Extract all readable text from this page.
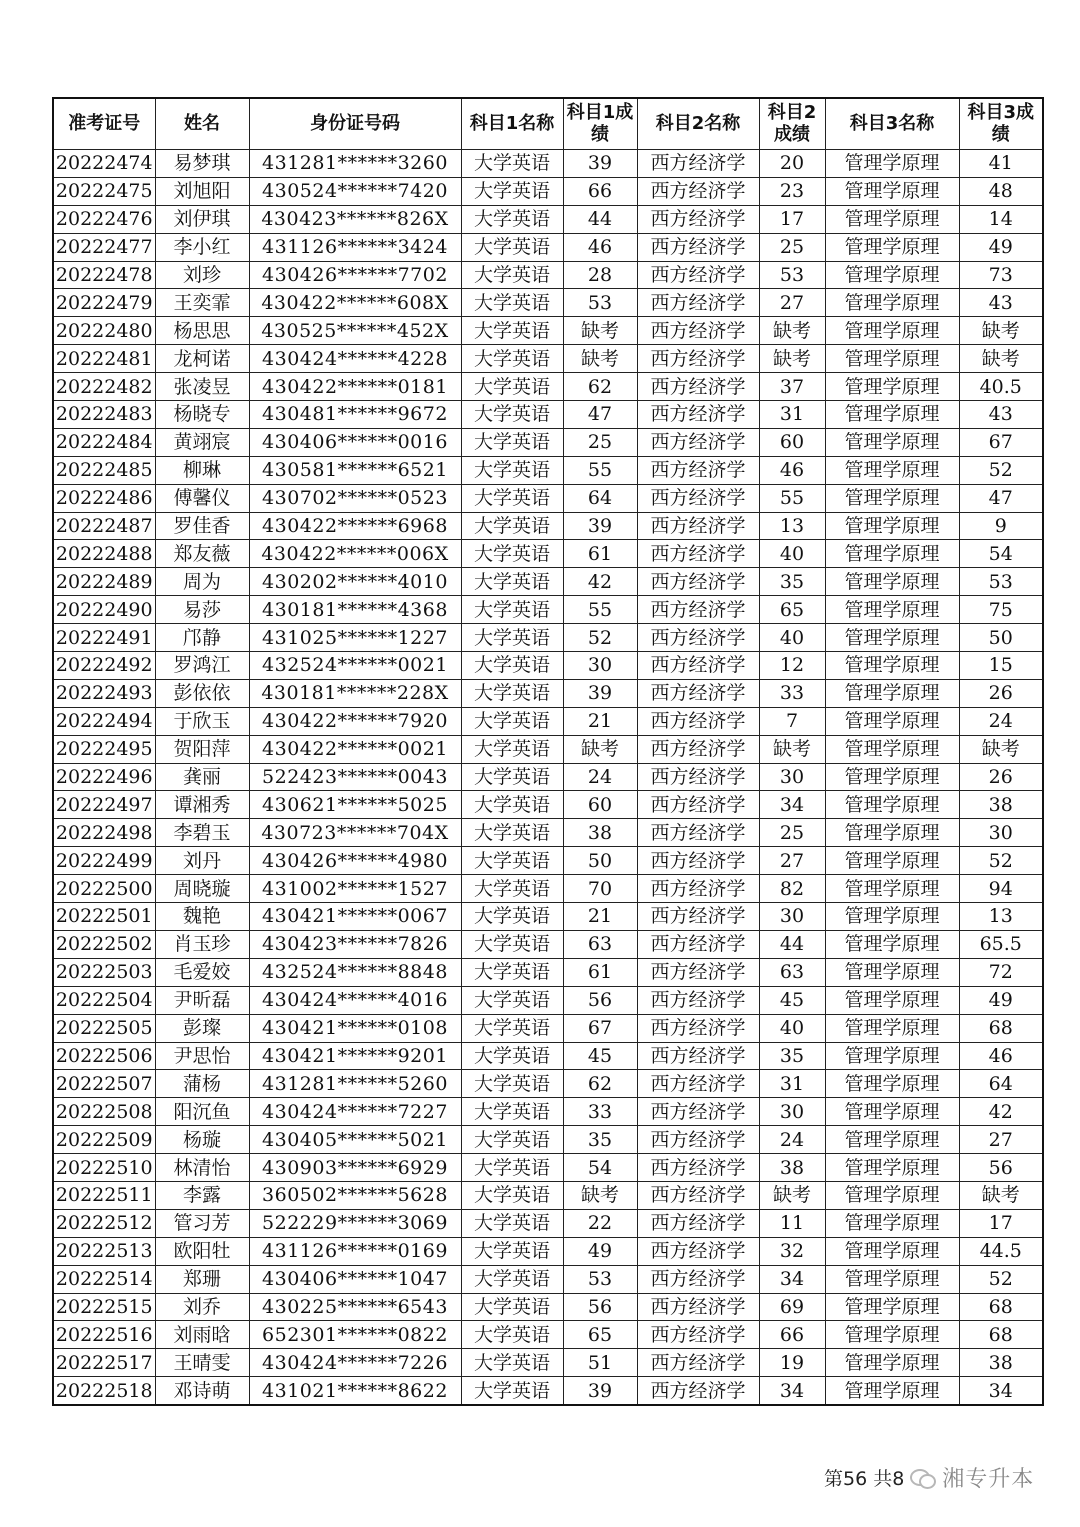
准考证号	姓名	身份证号码	科目1名称	科目1成绩	科目2名称	科目2成绩	科目3名称	科目3成绩
20222474	易梦琪	431281******3260	大学英语	39	西方经济学	20	管理学原理	41
20222475	刘旭阳	430524******7420	大学英语	66	西方经济学	23	管理学原理	48
20222476	刘伊琪	430423******826X	大学英语	44	西方经济学	17	管理学原理	14
20222477	李小红	431126******3424	大学英语	46	西方经济学	25	管理学原理	49
20222478	刘珍	430426******7702	大学英语	28	西方经济学	53	管理学原理	73
20222479	王奕霏	430422******608X	大学英语	53	西方经济学	27	管理学原理	43
20222480	杨思思	430525******452X	大学英语	缺考	西方经济学	缺考	管理学原理	缺考
20222481	龙柯诺	430424******4228	大学英语	缺考	西方经济学	缺考	管理学原理	缺考
20222482	张凌昱	430422******0181	大学英语	62	西方经济学	37	管理学原理	40.5
20222483	杨晓专	430481******9672	大学英语	47	西方经济学	31	管理学原理	43
20222484	黄翊宸	430406******0016	大学英语	25	西方经济学	60	管理学原理	67
20222485	柳琳	430581******6521	大学英语	55	西方经济学	46	管理学原理	52
20222486	傅馨仪	430702******0523	大学英语	64	西方经济学	55	管理学原理	47
20222487	罗佳香	430422******6968	大学英语	39	西方经济学	13	管理学原理	9
20222488	郑友薇	430422******006X	大学英语	61	西方经济学	40	管理学原理	54
20222489	周为	430202******4010	大学英语	42	西方经济学	35	管理学原理	53
20222490	易莎	430181******4368	大学英语	55	西方经济学	65	管理学原理	75
20222491	邝静	431025******1227	大学英语	52	西方经济学	40	管理学原理	50
20222492	罗鸿江	432524******0021	大学英语	30	西方经济学	12	管理学原理	15
20222493	彭依依	430181******228X	大学英语	39	西方经济学	33	管理学原理	26
20222494	于欣玉	430422******7920	大学英语	21	西方经济学	7	管理学原理	24
20222495	贺阳萍	430422******0021	大学英语	缺考	西方经济学	缺考	管理学原理	缺考
20222496	龚丽	522423******0043	大学英语	24	西方经济学	30	管理学原理	26
20222497	谭湘秀	430621******5025	大学英语	60	西方经济学	34	管理学原理	38
20222498	李碧玉	430723******704X	大学英语	38	西方经济学	25	管理学原理	30
20222499	刘丹	430426******4980	大学英语	50	西方经济学	27	管理学原理	52
20222500	周晓璇	431002******1527	大学英语	70	西方经济学	82	管理学原理	94
20222501	魏艳	430421******0067	大学英语	21	西方经济学	30	管理学原理	13
20222502	肖玉珍	430423******7826	大学英语	63	西方经济学	44	管理学原理	65.5
20222503	毛爱姣	432524******8848	大学英语	61	西方经济学	63	管理学原理	72
20222504	尹昕磊	430424******4016	大学英语	56	西方经济学	45	管理学原理	49
20222505	彭璨	430421******0108	大学英语	67	西方经济学	40	管理学原理	68
20222506	尹思怡	430421******9201	大学英语	45	西方经济学	35	管理学原理	46
20222507	蒲杨	431281******5260	大学英语	62	西方经济学	31	管理学原理	64
20222508	阳沉鱼	430424******7227	大学英语	33	西方经济学	30	管理学原理	42
20222509	杨璇	430405******5021	大学英语	35	西方经济学	24	管理学原理	27
20222510	林清怡	430903******6929	大学英语	54	西方经济学	38	管理学原理	56
20222511	李露	360502******5628	大学英语	缺考	西方经济学	缺考	管理学原理	缺考
20222512	管习芳	522229******3069	大学英语	22	西方经济学	11	管理学原理	17
20222513	欧阳牡	431126******0169	大学英语	49	西方经济学	32	管理学原理	44.5
20222514	郑珊	430406******1047	大学英语	53	西方经济学	34	管理学原理	52
20222515	刘乔	430225******6543	大学英语	56	西方经济学	69	管理学原理	68
20222516	刘雨晗	652301******0822	大学英语	65	西方经济学	66	管理学原理	68
20222517	王晴雯	430424******7226	大学英语	51	西方经济学	19	管理学原理	38
20222518	邓诗萌	431021******8622	大学英语	39	西方经济学	34	管理学原理	34
第56 共8 湘专升本
